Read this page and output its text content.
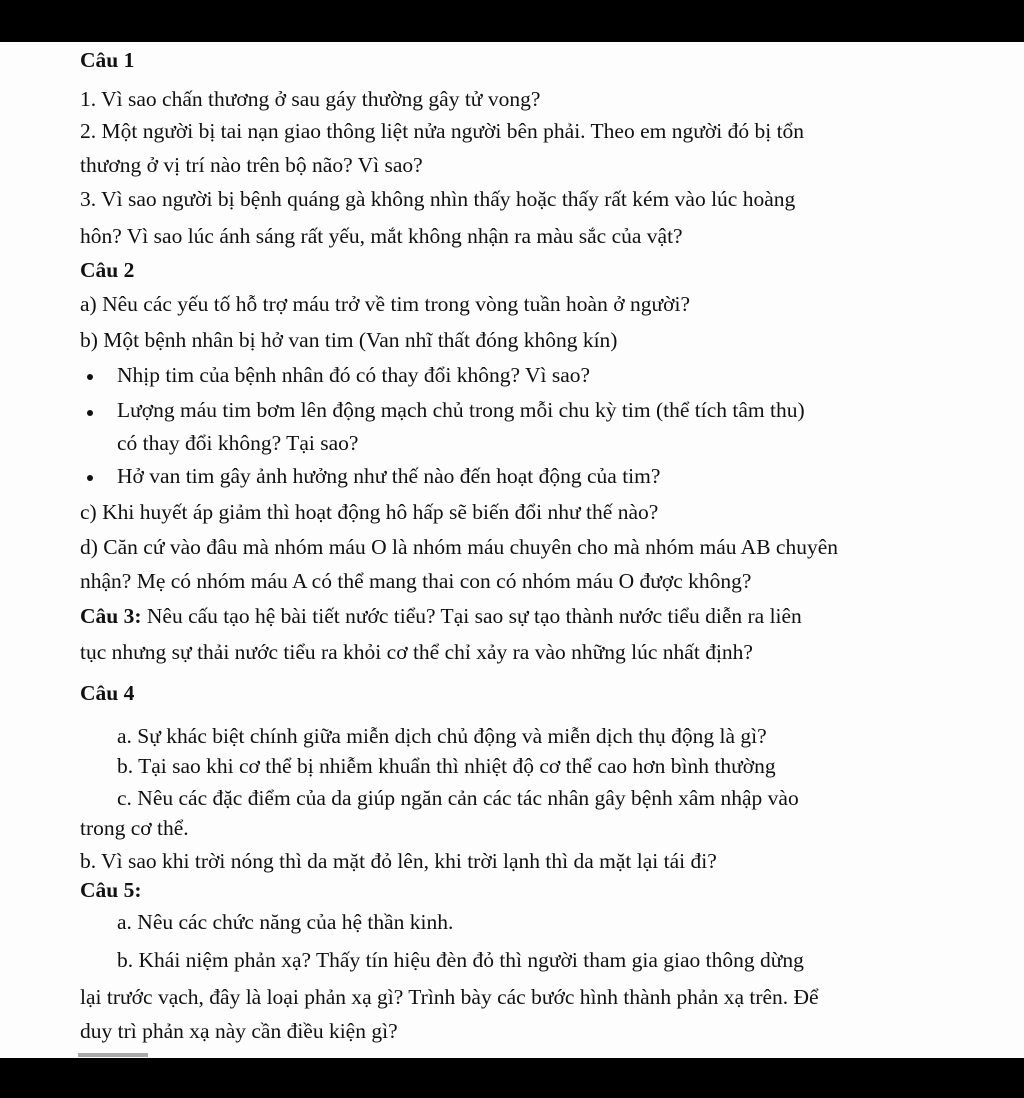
Câu 1
1. Vì sao chấn thương ở sau gáy thường gây tử vong?
2. Một người bị tai nạn giao thông liệt nửa người bên phải. Theo em người đó bị tổn
thương ở vị trí nào trên bộ não? Vì sao?
3. Vì sao người bị bệnh quáng gà không nhìn thấy hoặc thấy rất kém vào lúc hoàng
hôn? Vì sao lúc ánh sáng rất yếu, mắt không nhận ra màu sắc của vật?
Câu 2
a) Nêu các yếu tố hỗ trợ máu trở về tim trong vòng tuần hoàn ở người?
b) Một bệnh nhân bị hở van tim (Van nhĩ thất đóng không kín)
Nhịp tim của bệnh nhân đó có thay đổi không? Vì sao?
Lượng máu tim bơm lên động mạch chủ trong mỗi chu kỳ tim (thể tích tâm thu)
có thay đổi không? Tại sao?
Hở van tim gây ảnh hưởng như thế nào đến hoạt động của tim?
c) Khi huyết áp giảm thì hoạt động hô hấp sẽ biến đổi như thế nào?
d) Căn cứ vào đâu mà nhóm máu O là nhóm máu chuyên cho mà nhóm máu AB chuyên
nhận? Mẹ có nhóm máu A có thể mang thai con có nhóm máu O được không?
Câu 3: Nêu cấu tạo hệ bài tiết nước tiểu? Tại sao sự tạo thành nước tiểu diễn ra liên
tục nhưng sự thải nước tiểu ra khỏi cơ thể chỉ xảy ra vào những lúc nhất định?
Câu 4
a. Sự khác biệt chính giữa miễn dịch chủ động và miễn dịch thụ động là gì?
b. Tại sao khi cơ thể bị nhiễm khuẩn thì nhiệt độ cơ thể cao hơn bình thường
c. Nêu các đặc điểm của da giúp ngăn cản các tác nhân gây bệnh xâm nhập vào
trong cơ thể.
b. Vì sao khi trời nóng thì da mặt đỏ lên, khi trời lạnh thì da mặt lại tái đi?
Câu 5:
a. Nêu các chức năng của hệ thần kinh.
b. Khái niệm phản xạ? Thấy tín hiệu đèn đỏ thì người tham gia giao thông dừng
lại trước vạch, đây là loại phản xạ gì? Trình bày các bước hình thành phản xạ trên. Để
duy trì phản xạ này cần điều kiện gì?
